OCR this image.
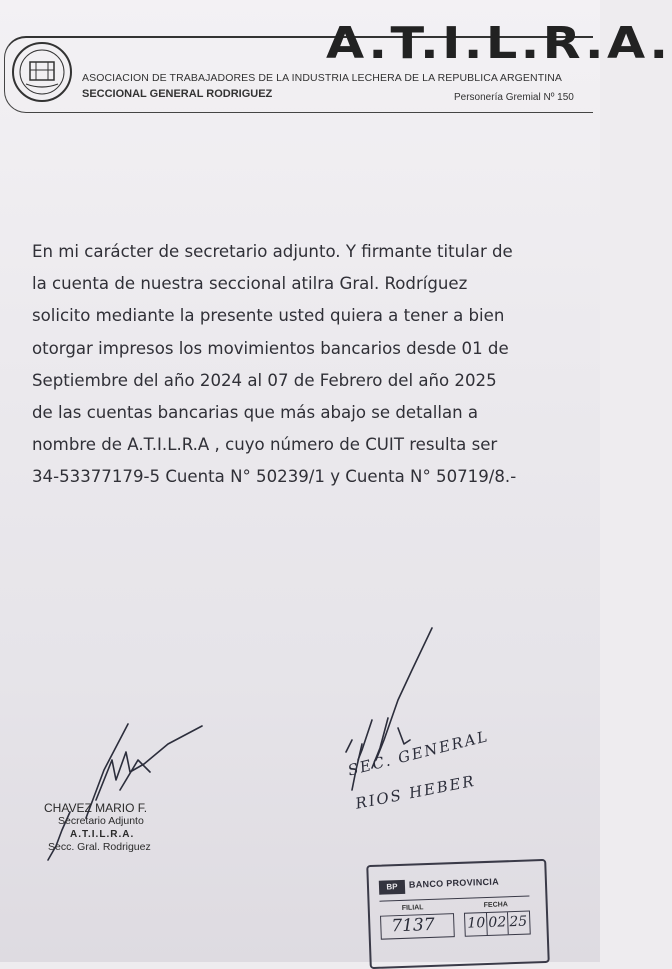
A.T.I.L.R.A.
ASOCIACION DE TRABAJADORES DE LA INDUSTRIA LECHERA DE LA REPUBLICA ARGENTINA
SECCIONAL GENERAL RODRIGUEZ	Personería Gremial Nº 150
En mi carácter de secretario adjunto. Y firmante titular de
la cuenta de nuestra seccional atilra Gral. Rodríguez
solicito mediante la presente usted quiera a tener a bien
otorgar impresos los movimientos bancarios desde 01 de
Septiembre del año 2024 al 07 de Febrero del año 2025
de las cuentas bancarias que más abajo se detallan a
nombre de A.T.I.L.R.A , cuyo número de CUIT resulta ser
34-53377179-5 Cuenta N° 50239/1 y Cuenta N° 50719/8.-
CHAVEZ MARIO F.
Secretario Adjunto
A.T.I.L.R.A.
Secc. Gral. Rodriguez
SEC. GENERAL
RIOS HEBER
BP	BANCO PROVINCIA
FILIAL	FECHA
7137	10 02 25
